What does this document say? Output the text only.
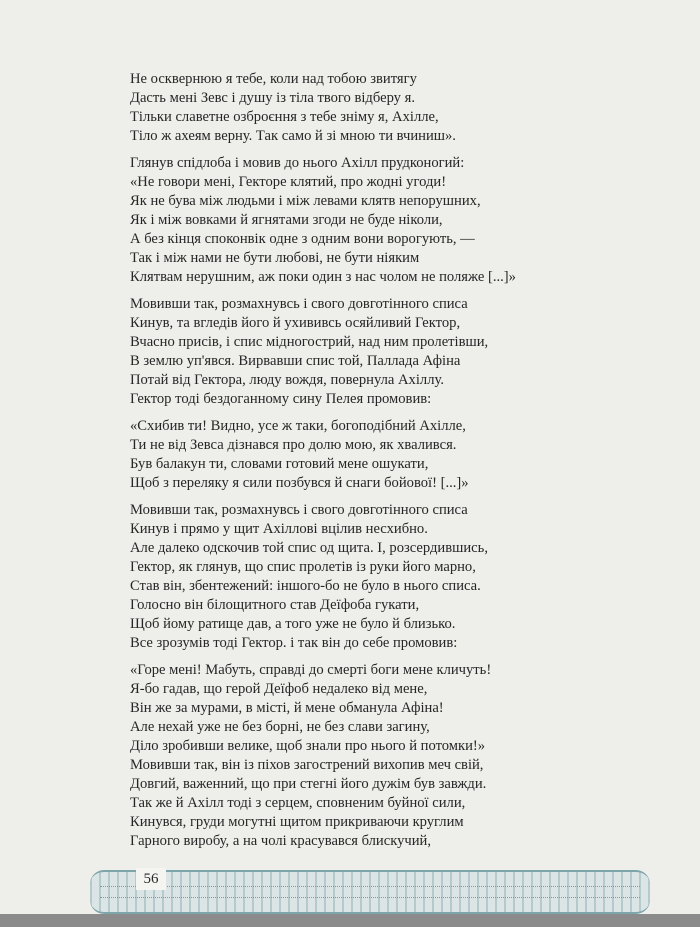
Не осквернюю я тебе, коли над тобою звитягу
Дасть мені Зевс і душу із тіла твого відберу я.
Тільки славетне озброєння з тебе зніму я, Ахілле,
Тіло ж ахеям верну. Так само й зі мною ти вчиниш».
Глянув спідлоба і мовив до нього Ахілл прудконогий:
«Не говори мені, Гекторе клятий, про жодні угоди!
Як не бува між людьми і між левами клятв непорушних,
Як і між вовками й ягнятами згоди не буде ніколи,
А без кінця споконвік одне з одним вони ворогують, —
Так і між нами не бути любові, не бути ніяким
Клятвам нерушним, аж поки один з нас чолом не поляже [...]»
Мовивши так, розмахнувсь і свого довготінного списа
Кинув, та вгледів його й ухививсь осяйливий Гектор,
Вчасно присів, і спис мідногострий, над ним пролетівши,
В землю уп'явся. Вирвавши спис той, Паллада Афіна
Потай від Гектора, люду вождя, повернула Ахіллу.
Гектор тоді бездоганному сину Пелея промовив:
«Схибив ти! Видно, усе ж таки, богоподібний Ахілле,
Ти не від Зевса дізнався про долю мою, як хвалився.
Був балакун ти, словами готовий мене ошукати,
Щоб з переляку я сили позбувся й снаги бойової! [...]»
Мовивши так, розмахнувсь і свого довготінного списа
Кинув і прямо у щит Ахіллові вцілив несхибно.
Але далеко одскочив той спис од щита. І, розсердившись,
Гектор, як глянув, що спис пролетів із руки його марно,
Став він, збентежений: іншого-бо не було в нього списа.
Голосно він білощитного став Деїфоба гукати,
Щоб йому ратище дав, а того уже не було й близько.
Все зрозумів тоді Гектор. і так він до себе промовив:
«Горе мені! Мабуть, справді до смерті боги мене кличуть!
Я-бо гадав, що герой Деїфоб недалеко від мене,
Він же за мурами, в місті, й мене обманула Афіна!
Але нехай уже не без борні, не без слави загину,
Діло зробивши велике, щоб знали про нього й потомки!»
Мовивши так, він із піхов загострений вихопив меч свій,
Довгий, важенний, що при стегні його дужім був завжди.
Так же й Ахілл тоді з серцем, сповненим буйної сили,
Кинувся, груди могутні щитом прикриваючи круглим
Гарного виробу, а на чолі красувався блискучий,
56
